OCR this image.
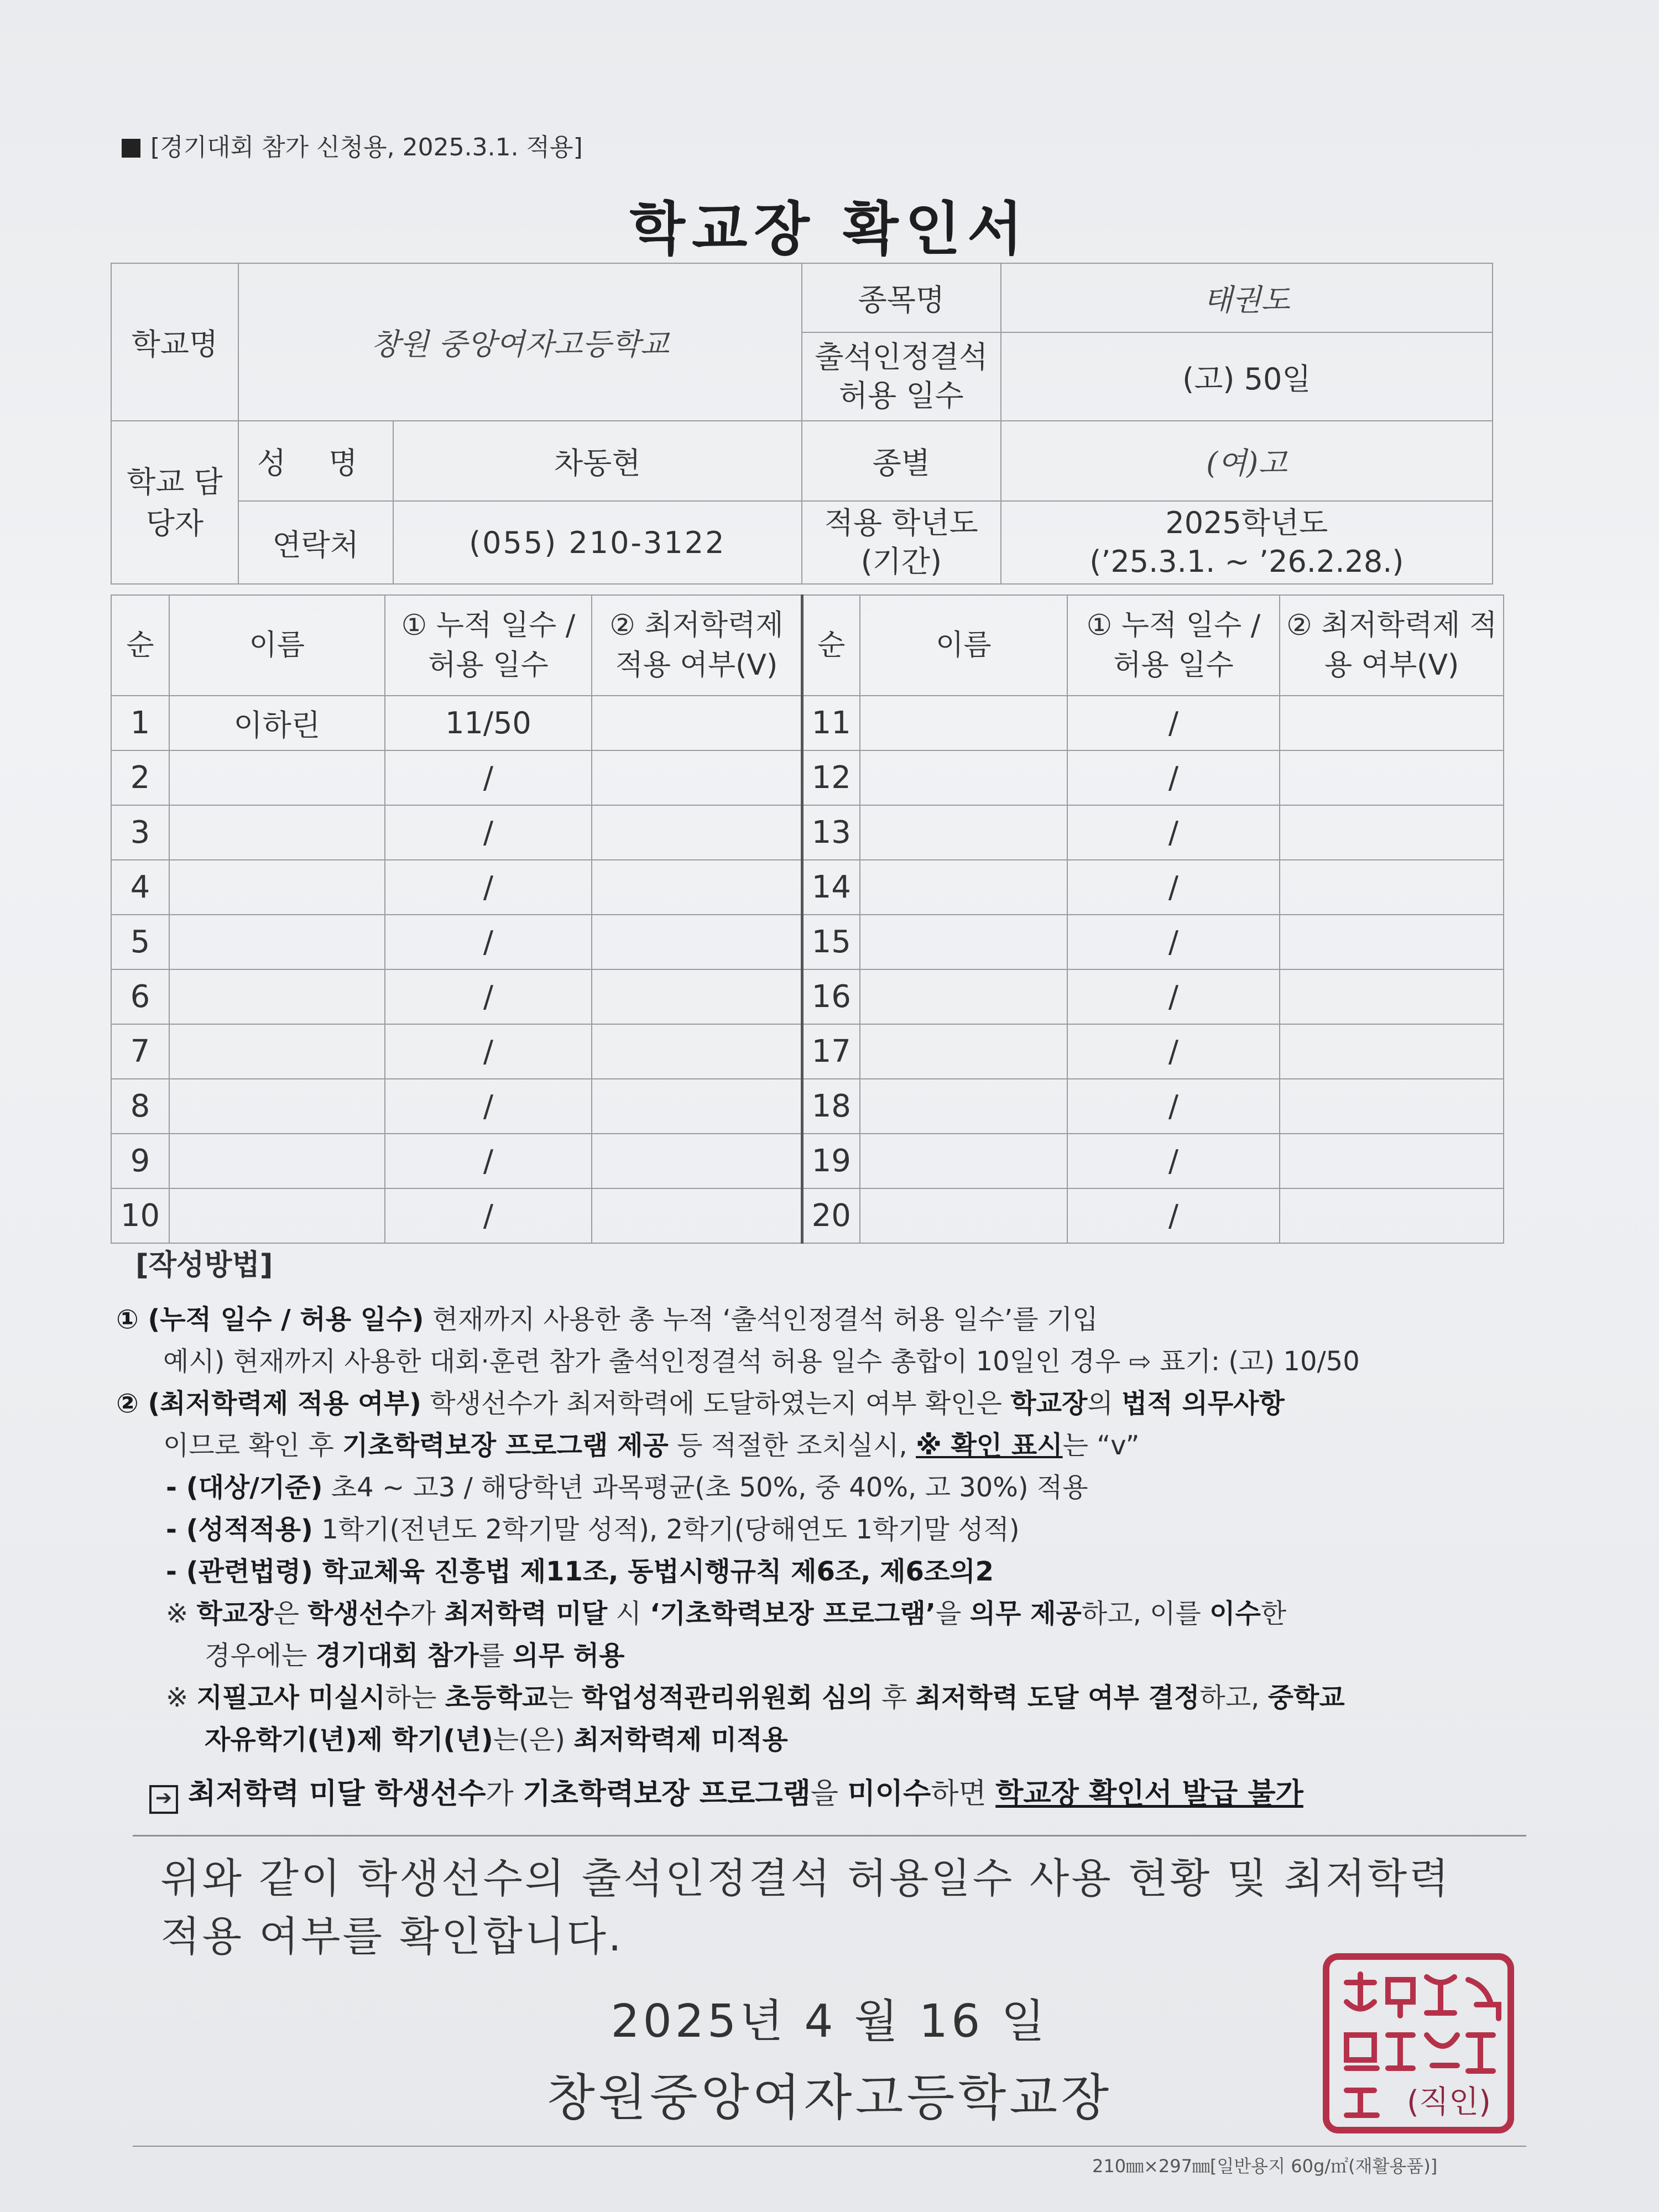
[경기대회 참가 신청용, 2025.3.1. 적용]
학교장 확인서
학교명	창원 중앙여자고등학교		종목명	태권도
			출석인정결석 허용 일수	(고) 50일
학교 담당자	성 명	차동현	종별	(여)고
	연락처	(055) 210-3122	적용 학년도 (기간)	2025학년도
(’25.3.1. ~ ’26.2.28.)
순	이름	① 누적 일수 / 허용 일수	② 최저학력제 적용 여부(V)	순	이름	① 누적 일수 / 허용 일수	② 최저학력제 적용 여부(V)
1	이하린	11/50		11		/	
2		/		12		/	
3		/		13		/	
4		/		14		/	
5		/		15		/	
6		/		16		/	
7		/		17		/	
8		/		18		/	
9		/		19		/	
10		/		20		/	

[작성방법]

① (누적 일수 / 허용 일수) 현재까지 사용한 총 누적 ‘출석인정결석 허용 일수’를 기입

예시) 현재까지 사용한 대회·훈련 참가 출석인정결석 허용 일수 총합이 10일인 경우 ⇨ 표기: (고) 10/50

② (최저학력제 적용 여부) 학생선수가 최저학력에 도달하였는지 여부 확인은 학교장의 법적 의무사항

이므로 확인 후 기초학력보장 프로그램 제공 등 적절한 조치실시, ※ 확인 표시는 “v”

- (대상/기준) 초4 ~ 고3 / 해당학년 과목평균(초 50%, 중 40%, 고 30%) 적용

- (성적적용) 1학기(전년도 2학기말 성적), 2학기(당해연도 1학기말 성적)

- (관련법령) 학교체육 진흥법 제11조, 동법시행규칙 제6조, 제6조의2

※ 학교장은 학생선수가 최저학력 미달 시 ‘기초학력보장 프로그램’을 의무 제공하고, 이를 이수한

경우에는 경기대회 참가를 의무 허용

※ 지필고사 미실시하는 초등학교는 학업성적관리위원회 심의 후 최저학력 도달 여부 결정하고, 중학교

자유학기(년)제 학기(년)는(은) 최저학력제 미적용

➔ 최저학력 미달 학생선수가 기초학력보장 프로그램을 미이수하면 학교장 확인서 발급 불가

위와 같이 학생선수의 출석인정결석 허용일수 사용 현황 및 최저학력 적용 여부를 확인합니다.
2025년 4 월 16 일
창원중앙여자고등학교장	(직인)
210㎜×297㎜[일반용지 60g/㎡(재활용품)]
